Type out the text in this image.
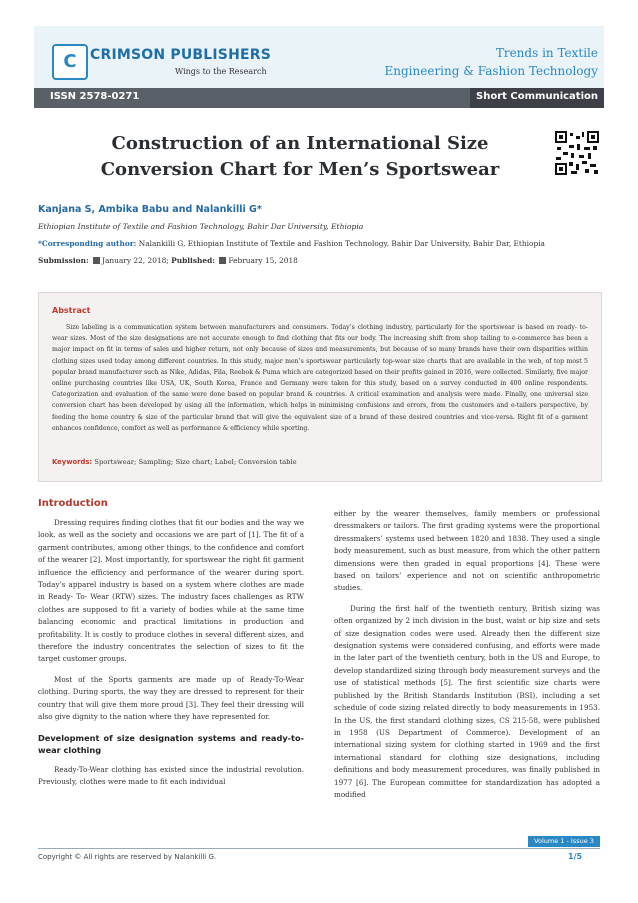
C CRIMSON PUBLISHERS
Wings to the Research
Trends in Textile
Engineering & Fashion Technology
ISSN 2578-0271	Short Communication
Construction of an International Size
Conversion Chart for Men’s Sportswear
Kanjana S, Ambika Babu and Nalankilli G*
Ethiopian Institute of Textile and Fashion Technology, Bahir Dar University, Ethiopia
*Corresponding author: Nalankilli G, Ethiopian Institute of Textile and Fashion Technology, Bahir Dar University, Bahir Dar, Ethiopia
Submission: January 22, 2018; Published: February 15, 2018
Abstract
Size labeling is a communication system between manufacturers and consumers. Today’s clothing industry, particularly for the sportswear is based on ready- to- wear sizes. Most of the size designations are not accurate enough to find clothing that fits our body. The increasing shift from shop tailing to e-commerce has been a major impact on fit in terms of sales and higher return, not only because of sizes and measurements, but because of so many brands have their own disparities within clothing sizes used today among different countries. In this study, major men’s sportswear particularly top-wear size charts that are available in the web, of top most 5 popular brand manufacturer such as Nike, Adidas, Fila, Reebok & Puma which are categorized based on their profits gained in 2016, were collected. Similarly, five major online purchasing countries like USA, UK, South Korea, France and Germany were taken for this study, based on a survey conducted in 400 online respondents. Categorization and evaluation of the same were done based on popular brand & countries. A critical examination and analysis were made. Finally, one universal size conversion chart has been developed by using all the information, which helps in minimising confusions and errors, from the customers and e-tailers perspective, by feeding the home country & size of the particular brand that will give the equivalent size of a brand of these desired countries and vice-versa. Right fit of a garment enhances confidence, comfort as well as performance & efficiency while sporting.
Keywords: Sportswear; Sampling; Size chart; Label; Conversion table
Introduction

Dressing requires finding clothes that fit our bodies and the way we look, as well as the society and occasions we are part of [1]. The fit of a garment contributes, among other things, to the confidence and comfort of the wearer [2]. Most importantly, for sportswear the right fit garment influence the efficiency and performance of the wearer during sport. Today’s apparel industry is based on a system where clothes are made in Ready- To- Wear (RTW) sizes. The industry faces challenges as RTW clothes are supposed to fit a variety of bodies while at the same time balancing economic and practical limitations in production and profitability. It is costly to produce clothes in several different sizes, and therefore the industry concentrates the selection of sizes to fit the target customer groups.

Most of the Sports garments are made up of Ready-To-Wear clothing. During sports, the way they are dressed to represent for their country that will give them more proud [3]. They feel their dressing will also give dignity to the nation where they have represented for.

Development of size designation systems and ready-to-wear clothing

Ready-To-Wear clothing has existed since the industrial revolution. Previously, clothes were made to fit each individual

either by the wearer themselves, family members or professional dressmakers or tailors. The first grading systems were the proportional dressmakers’ systems used between 1820 and 1838. They used a single body measurement, such as bust measure, from which the other pattern dimensions were then graded in equal proportions [4]. These were based on tailors’ experience and not on scientific anthropometric studies.

During the first half of the twentieth century, British sizing was often organized by 2 inch division in the bust, waist or hip size and sets of size designation codes were used. Already then the different size designation systems were considered confusing, and efforts were made in the later part of the twentieth century, both in the US and Europe, to develop standardized sizing through body measurement surveys and the use of statistical methods [5]. The first scientific size charts were published by the British Standards Institution (BSI), including a set schedule of code sizing related directly to body measurements in 1953. In the US, the first standard clothing sizes, CS 215-58, were published in 1958 (US Department of Commerce). Development of an international sizing system for clothing started in 1969 and the first international standard for clothing size designations, including definitions and body measurement procedures, was finally published in 1977 [6]. The European committee for standardization has adopted a modified

Volume 1 - Issue 3
Copyright © All rights are reserved by Nalankilli G.	1/5
